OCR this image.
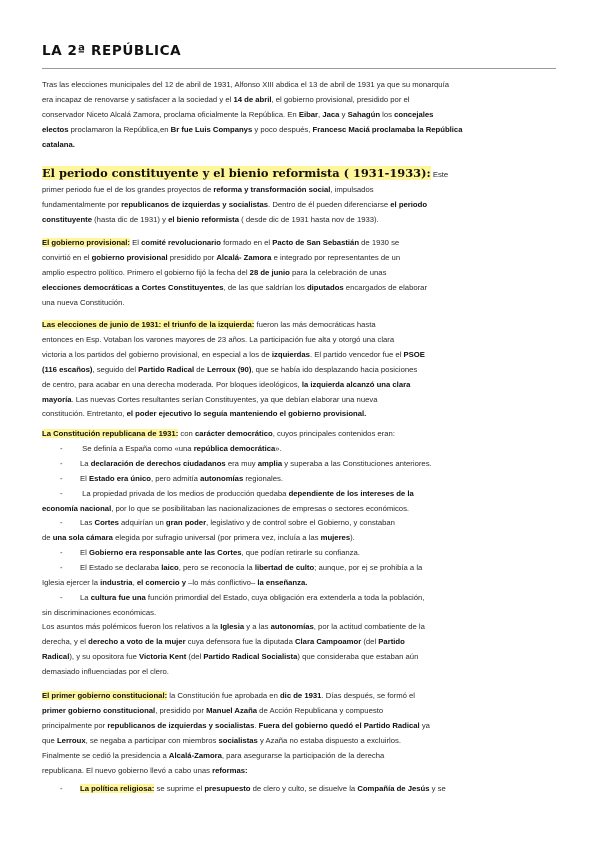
LA 2ª REPÚBLICA
Tras las elecciones municipales del 12 de abril de 1931, Alfonso XIII abdica el 13 de abril de 1931 ya que su monarquía
era incapaz de renovarse y satisfacer a la sociedad y el 14 de abril, el gobierno provisional, presidido por el
conservador Niceto Alcalá Zamora, proclama oficialmente la República. En Eibar, Jaca y Sahagún los concejales
electos proclamaron la República,en Br fue Luis Companys y poco después, Francesc Maciá proclamaba la República
catalana.
El periodo constituyente y el bienio reformista ( 1931-1933): Este
primer periodo fue el de los grandes proyectos de reforma y transformación social, impulsados
fundamentalmente por republicanos de izquierdas y socialistas. Dentro de él pueden diferenciarse el periodo
constituyente (hasta dic de 1931) y el bienio reformista ( desde dic de 1931 hasta nov de 1933).
El gobierno provisional: El comité revolucionario formado en el Pacto de San Sebastián de 1930 se
convirtió en el gobierno provisional presidido por Alcalá- Zamora e integrado por representantes de un
amplio espectro político. Primero el gobierno fijó la fecha del 28 de junio para la celebración de unas
elecciones democráticas a Cortes Constituyentes, de las que saldrían los diputados encargados de elaborar
una nueva Constitución.
Las elecciones de junio de 1931: el triunfo de la izquierda: fueron las más democráticas hasta
entonces en Esp. Votaban los varones mayores de 23 años. La participación fue alta y otorgó una clara
victoria a los partidos del gobierno provisional, en especial a los de izquierdas. El partido vencedor fue el PSOE
(116 escaños), seguido del Partido Radical de Lerroux (90), que se había ido desplazando hacia posiciones
de centro, para acabar en una derecha moderada. Por bloques ideológicos, la izquierda alcanzó una clara
mayoría. Las nuevas Cortes resultantes serían Constituyentes, ya que debían elaborar una nueva
constitución. Entretanto, el poder ejecutivo lo seguía manteniendo el gobierno provisional.
La Constitución republicana de 1931: con carácter democrático, cuyos principales contenidos eran:
- Se definía a España como «una república democrática».
- La declaración de derechos ciudadanos era muy amplia y superaba a las Constituciones anteriores.
- El Estado era único, pero admitía autonomías regionales.
- La propiedad privada de los medios de producción quedaba dependiente de los intereses de la
economía nacional, por lo que se posibilitaban las nacionalizaciones de empresas o sectores económicos.
- Las Cortes adquirían un gran poder, legislativo y de control sobre el Gobierno, y constaban
de una sola cámara elegida por sufragio universal (por primera vez, incluía a las mujeres).
- El Gobierno era responsable ante las Cortes, que podían retirarle su confianza.
- El Estado se declaraba laico, pero se reconocía la libertad de culto; aunque, por ej se prohibía a la
Iglesia ejercer la industria, el comercio y –lo más conflictivo– la enseñanza.
- La cultura fue una función primordial del Estado, cuya obligación era extenderla a toda la población,
sin discriminaciones económicas.
Los asuntos más polémicos fueron los relativos a la Iglesia y a las autonomías, por la actitud combatiente de la
derecha, y el derecho a voto de la mujer cuya defensora fue la diputada Clara Campoamor (del Partido
Radical), y su opositora fue Victoria Kent (del Partido Radical Socialista) que consideraba que estaban aún
demasiado influenciadas por el clero.
El primer gobierno constitucional: la Constitución fue aprobada en dic de 1931. Días después, se formó el
primer gobierno constitucional, presidido por Manuel Azaña de Acción Republicana y compuesto
principalmente por republicanos de izquierdas y socialistas. Fuera del gobierno quedó el Partido Radical ya
que Lerroux, se negaba a participar con miembros socialistas y Azaña no estaba dispuesto a excluirlos.
Finalmente se cedió la presidencia a Alcalá-Zamora, para asegurarse la participación de la derecha
republicana. El nuevo gobierno llevó a cabo unas reformas:
- La política religiosa: se suprime el presupuesto de clero y culto, se disuelve la Compañía de Jesús y se
